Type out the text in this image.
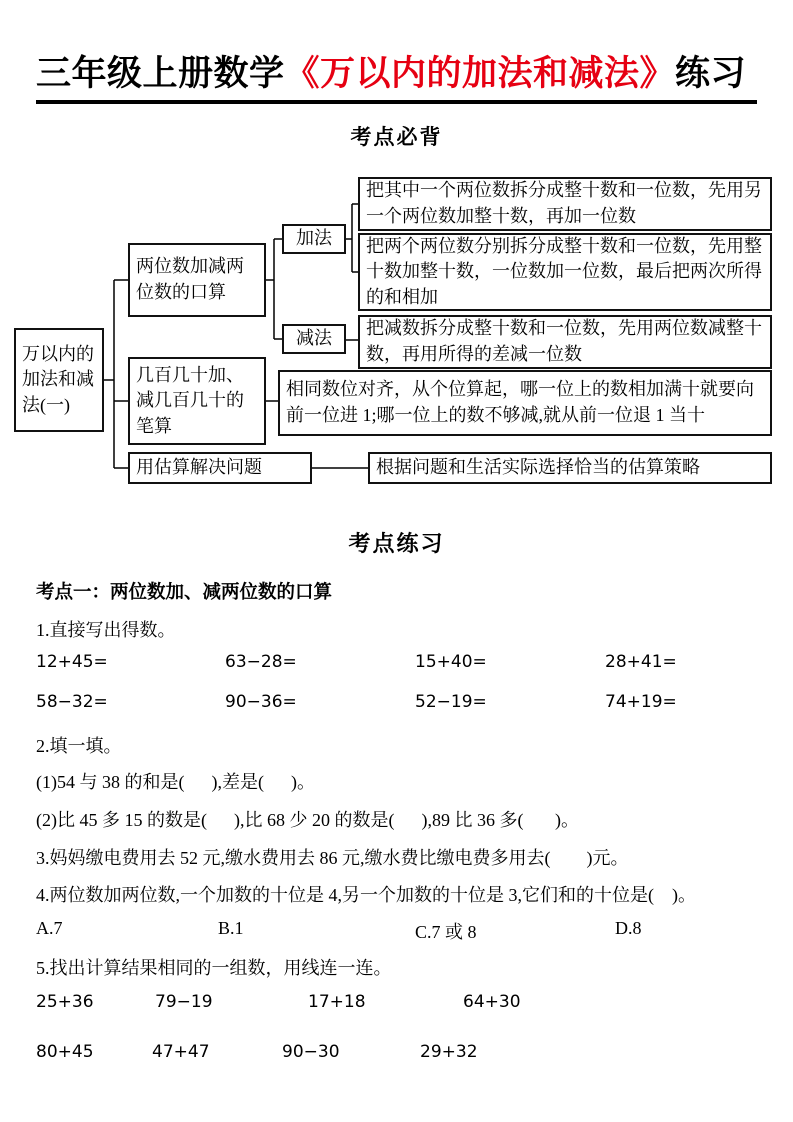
三年级上册数学《万以内的加法和减法》练习
考点必背
万以内的加法和减法(一)
两位数加减两位数的口算
几百几十加、减几百几十的笔算
用估算解决问题
加法
减法
把其中一个两位数拆分成整十数和一位数，先用另一个两位数加整十数，再加一位数
把两个两位数分别拆分成整十数和一位数，先用整十数加整十数，一位数加一位数，最后把两次所得的和相加
把减数拆分成整十数和一位数，先用两位数减整十数，再用所得的差减一位数
相同数位对齐，从个位算起，哪一位上的数相加满十就要向前一位进 1;哪一位上的数不够减,就从前一位退 1 当十
根据问题和生活实际选择恰当的估算策略
考点练习
考点一：两位数加、减两位数的口算
1.直接写出得数。
12+45=	63−28=	15+40=	28+41=
58−32=	90−36=	52−19=	74+19=
2.填一填。
(1)54 与 38 的和是(      ),差是(      )。
(2)比 45 多 15 的数是(      ),比 68 少 20 的数是(      ),89 比 36 多(       )。
3.妈妈缴电费用去 52 元,缴水费用去 86 元,缴水费比缴电费多用去(        )元。
4.两位数加两位数,一个加数的十位是 4,另一个加数的十位是 3,它们和的十位是(    )。
A.7	B.1	C.7 或 8	D.8
5.找出计算结果相同的一组数，用线连一连。
25+36	79−19	17+18	64+30
80+45	47+47	90−30	29+32
